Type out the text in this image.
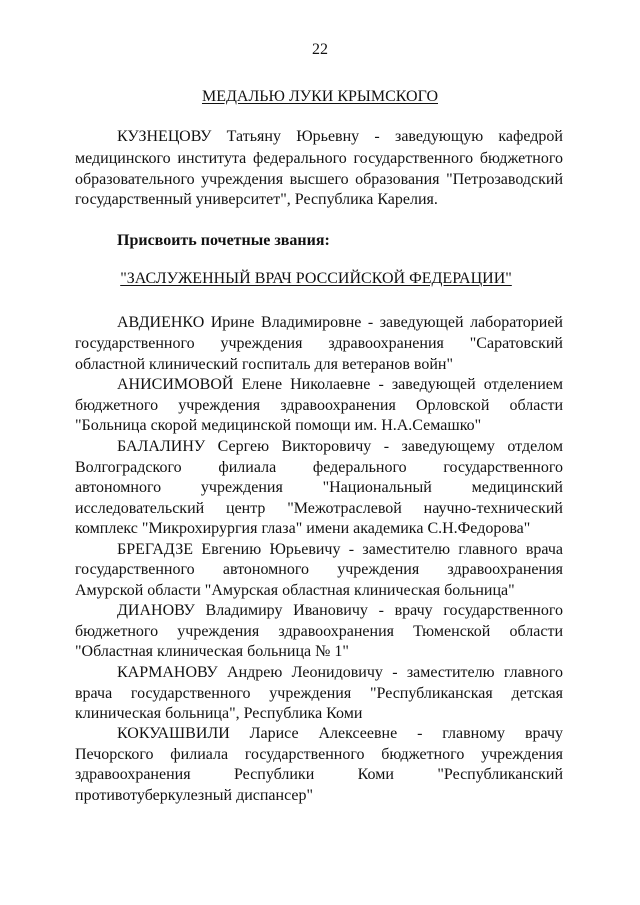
22
МЕДАЛЬЮ ЛУКИ КРЫМСКОГО
КУЗНЕЦОВУ Татьяну Юрьевну - заведующую кафедрой
медицинского института федерального государственного бюджетного
образовательного учреждения высшего образования "Петрозаводский
государственный университет", Республика Карелия.
Присвоить почетные звания:
"ЗАСЛУЖЕННЫЙ ВРАЧ РОССИЙСКОЙ ФЕДЕРАЦИИ"
АВДИЕНКО Ирине Владимировне - заведующей лабораторией
государственного учреждения здравоохранения "Саратовский
областной клинический госпиталь для ветеранов войн"
АНИСИМОВОЙ Елене Николаевне - заведующей отделением
бюджетного учреждения здравоохранения Орловской области
"Больница скорой медицинской помощи им. Н.А.Семашко"
БАЛАЛИНУ Сергею Викторовичу - заведующему отделом
Волгоградского филиала федерального государственного
автономного учреждения "Национальный медицинский
исследовательский центр "Межотраслевой научно-технический
комплекс "Микрохирургия глаза" имени академика С.Н.Федорова"
БРЕГАДЗЕ Евгению Юрьевичу - заместителю главного врача
государственного автономного учреждения здравоохранения
Амурской области "Амурская областная клиническая больница"
ДИАНОВУ Владимиру Ивановичу - врачу государственного
бюджетного учреждения здравоохранения Тюменской области
"Областная клиническая больница № 1"
КАРМАНОВУ Андрею Леонидовичу - заместителю главного
врача государственного учреждения "Республиканская детская
клиническая больница", Республика Коми
КОКУАШВИЛИ Ларисе Алексеевне - главному врачу
Печорского филиала государственного бюджетного учреждения
здравоохранения Республики Коми "Республиканский
противотуберкулезный диспансер"
